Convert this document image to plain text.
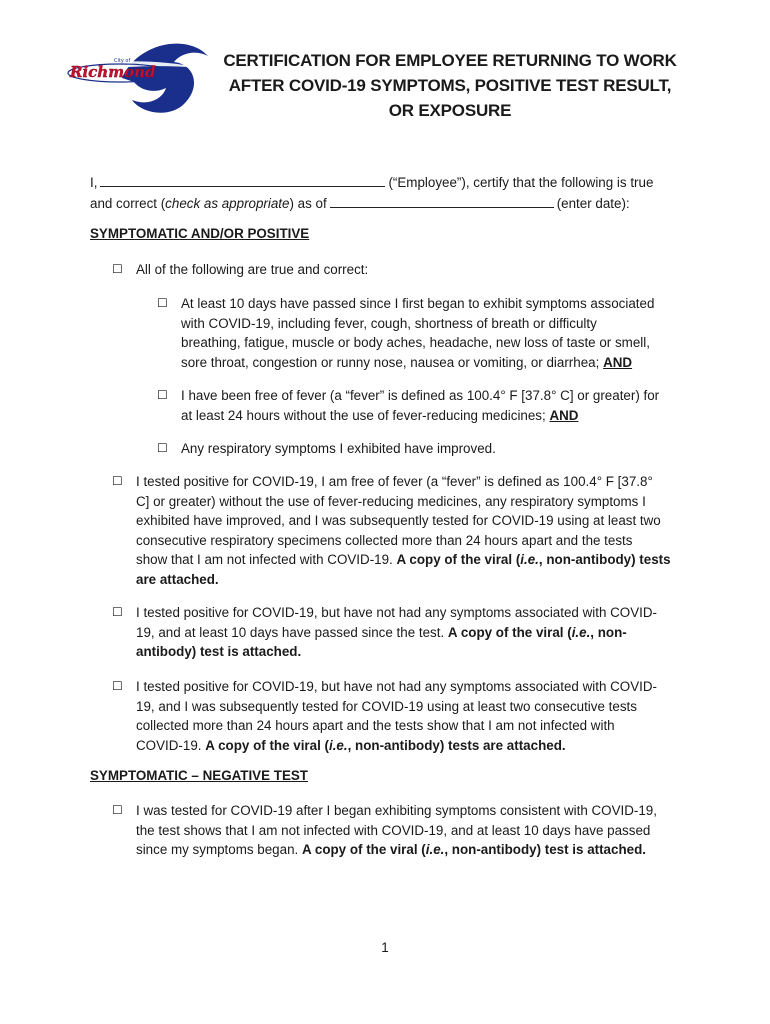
Richmond
City of	CERTIFICATION FOR EMPLOYEE RETURNING TO WORK
AFTER COVID-19 SYMPTOMS, POSITIVE TEST RESULT,
OR EXPOSURE
I,	(“Employee”), certify that the following is true
and correct (check as appropriate) as of	(enter date):
SYMPTOMATIC AND/OR POSITIVE
☐ All of the following are true and correct:
☐ At least 10 days have passed since I first began to exhibit symptoms associated
with COVID-19, including fever, cough, shortness of breath or difficulty
breathing, fatigue, muscle or body aches, headache, new loss of taste or smell,
sore throat, congestion or runny nose, nausea or vomiting, or diarrhea; AND
☐ I have been free of fever (a “fever” is defined as 100.4° F [37.8° C] or greater) for
at least 24 hours without the use of fever-reducing medicines; AND
☐ Any respiratory symptoms I exhibited have improved.
☐ I tested positive for COVID-19, I am free of fever (a “fever” is defined as 100.4° F [37.8°
C] or greater) without the use of fever-reducing medicines, any respiratory symptoms I
exhibited have improved, and I was subsequently tested for COVID-19 using at least two
consecutive respiratory specimens collected more than 24 hours apart and the tests
show that I am not infected with COVID-19. A copy of the viral (i.e., non-antibody) tests
are attached.
☐ I tested positive for COVID-19, but have not had any symptoms associated with COVID-
19, and at least 10 days have passed since the test. A copy of the viral (i.e., non-
antibody) test is attached.
☐ I tested positive for COVID-19, but have not had any symptoms associated with COVID-
19, and I was subsequently tested for COVID-19 using at least two consecutive tests
collected more than 24 hours apart and the tests show that I am not infected with
COVID-19. A copy of the viral (i.e., non-antibody) tests are attached.
SYMPTOMATIC – NEGATIVE TEST
☐ I was tested for COVID-19 after I began exhibiting symptoms consistent with COVID-19,
the test shows that I am not infected with COVID-19, and at least 10 days have passed
since my symptoms began. A copy of the viral (i.e., non-antibody) test is attached.
1
